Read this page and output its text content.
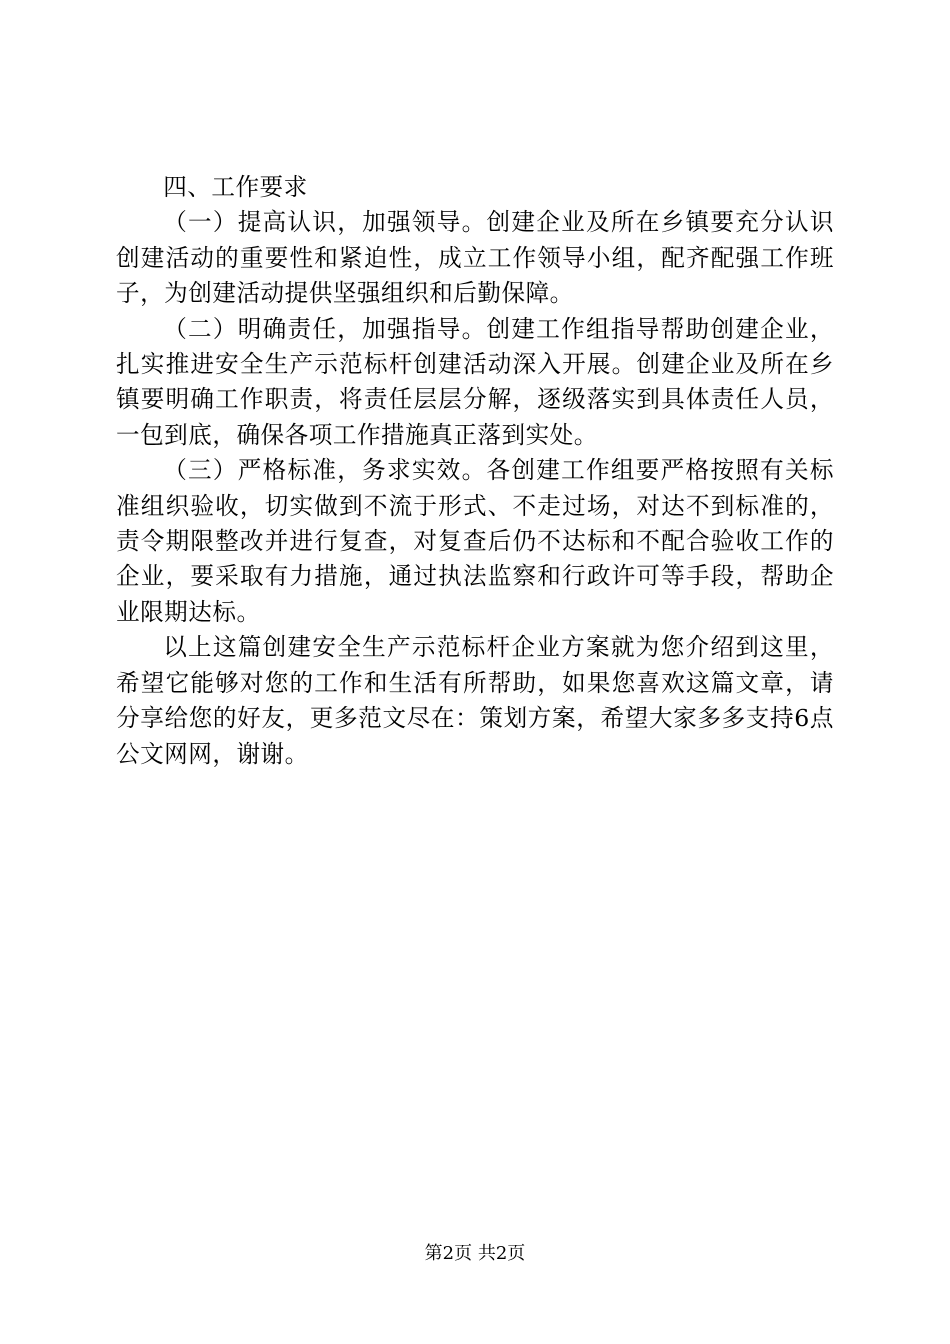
四、工作要求

（一）提高认识，加强领导。创建企业及所在乡镇要充分认识创建活动的重要性和紧迫性，成立工作领导小组，配齐配强工作班子，为创建活动提供坚强组织和后勤保障。

（二）明确责任，加强指导。创建工作组指导帮助创建企业，扎实推进安全生产示范标杆创建活动深入开展。创建企业及所在乡镇要明确工作职责，将责任层层分解，逐级落实到具体责任人员，一包到底，确保各项工作措施真正落到实处。

（三）严格标准，务求实效。各创建工作组要严格按照有关标准组织验收，切实做到不流于形式、不走过场，对达不到标准的，责令期限整改并进行复查，对复查后仍不达标和不配合验收工作的企业，要采取有力措施，通过执法监察和行政许可等手段，帮助企业限期达标。

以上这篇创建安全生产示范标杆企业方案就为您介绍到这里，希望它能够对您的工作和生活有所帮助，如果您喜欢这篇文章，请分享给您的好友，更多范文尽在：策划方案，希望大家多多支持6点公文网网，谢谢。

第2页 共2页
